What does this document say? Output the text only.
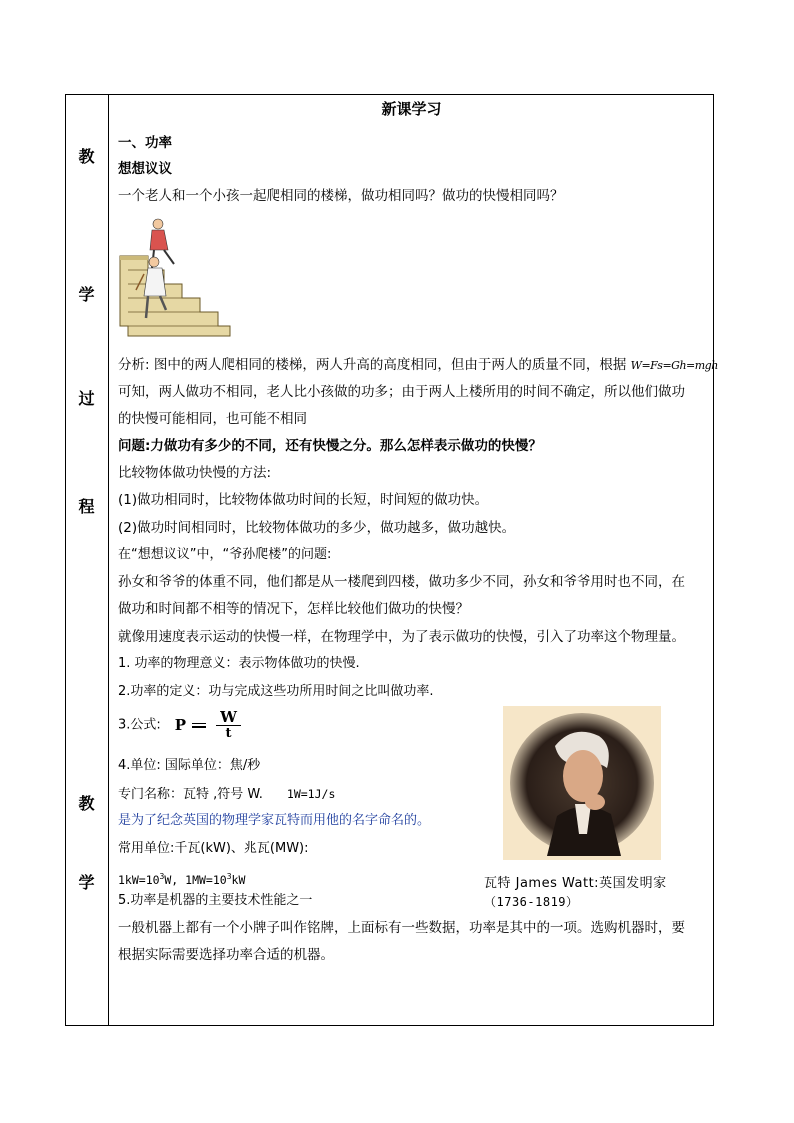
教
学
过
程
教
学
新课学习
一、功率
想想议议
一个老人和一个小孩一起爬相同的楼梯，做功相同吗？做功的快慢相同吗？
分析: 图中的两人爬相同的楼梯，两人升高的高度相同，但由于两人的质量不同，根据 W=Fs=Gh=mgh
可知，两人做功不相同，老人比小孩做的功多；由于两人上楼所用的时间不确定，所以他们做功
的快慢可能相同，也可能不相同
问题:力做功有多少的不同，还有快慢之分。那么怎样表示做功的快慢？
比较物体做功快慢的方法:
(1)做功相同时，比较物体做功时间的长短，时间短的做功快。
(2)做功时间相同时，比较物体做功的多少，做功越多，做功越快。
在“想想议议”中，“爷孙爬楼”的问题:
孙女和爷爷的体重不同，他们都是从一楼爬到四楼，做功多少不同，孙女和爷爷用时也不同，在
做功和时间都不相等的情况下，怎样比较他们做功的快慢？
就像用速度表示运动的快慢一样，在物理学中，为了表示做功的快慢，引入了功率这个物理量。
1. 功率的物理意义：表示物体做功的快慢.
2.功率的定义：功与完成这些功所用时间之比叫做功率.
3.公式: P $\frac{W}{t}$
4.单位: 国际单位：焦/秒
专门名称：瓦特 ,符号 W. 1W=1J/s
是为了纪念英国的物理学家瓦特而用他的名字命名的。
常用单位:千瓦(kW)、兆瓦(MW):
$1kW=10^3W$, $1MW=10^3kW$
5.功率是机器的主要技术性能之一
一般机器上都有一个小牌子叫作铭牌，上面标有一些数据，功率是其中的一项。选购机器时，要
根据实际需要选择功率合适的机器。
瓦特 James Watt:英国发明家
（1736-1819）
